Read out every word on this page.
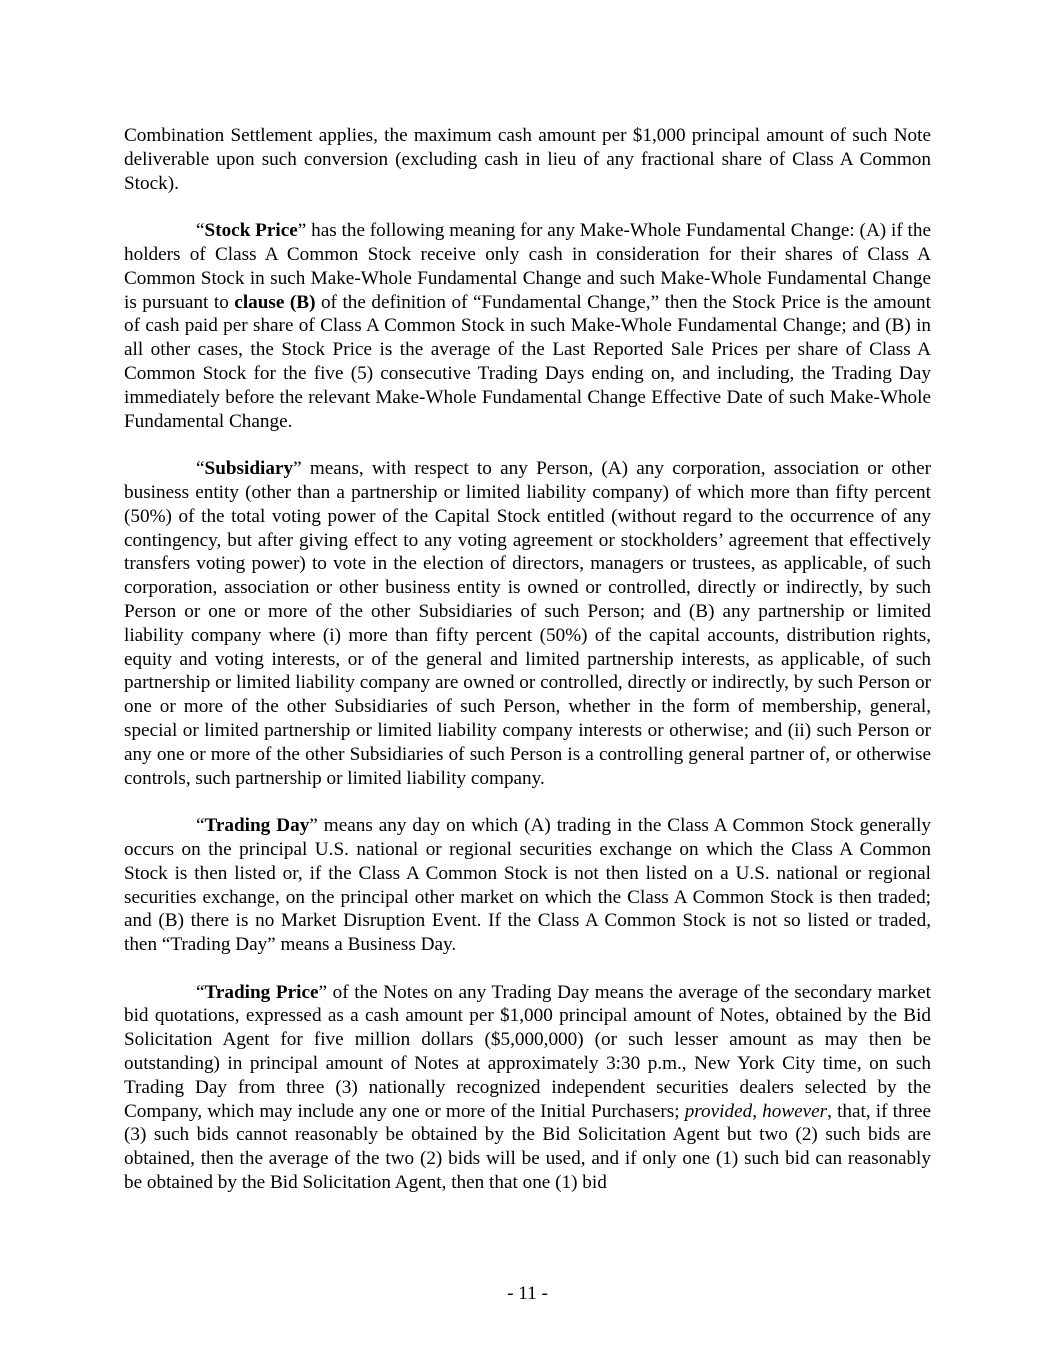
Combination Settlement applies, the maximum cash amount per $1,000 principal amount of such Note deliverable upon such conversion (excluding cash in lieu of any fractional share of Class A Common Stock).

“Stock Price” has the following meaning for any Make-Whole Fundamental Change: (A) if the holders of Class A Common Stock receive only cash in consideration for their shares of Class A Common Stock in such Make-Whole Fundamental Change and such Make-Whole Fundamental Change is pursuant to clause (B) of the definition of “Fundamental Change,” then the Stock Price is the amount of cash paid per share of Class A Common Stock in such Make-Whole Fundamental Change; and (B) in all other cases, the Stock Price is the average of the Last Reported Sale Prices per share of Class A Common Stock for the five (5) consecutive Trading Days ending on, and including, the Trading Day immediately before the relevant Make-Whole Fundamental Change Effective Date of such Make-Whole Fundamental Change.

“Subsidiary” means, with respect to any Person, (A) any corporation, association or other business entity (other than a partnership or limited liability company) of which more than fifty percent (50%) of the total voting power of the Capital Stock entitled (without regard to the occurrence of any contingency, but after giving effect to any voting agreement or stockholders’ agreement that effectively transfers voting power) to vote in the election of directors, managers or trustees, as applicable, of such corporation, association or other business entity is owned or controlled, directly or indirectly, by such Person or one or more of the other Subsidiaries of such Person; and (B) any partnership or limited liability company where (i) more than fifty percent (50%) of the capital accounts, distribution rights, equity and voting interests, or of the general and limited partnership interests, as applicable, of such partnership or limited liability company are owned or controlled, directly or indirectly, by such Person or one or more of the other Subsidiaries of such Person, whether in the form of membership, general, special or limited partnership or limited liability company interests or otherwise; and (ii) such Person or any one or more of the other Subsidiaries of such Person is a controlling general partner of, or otherwise controls, such partnership or limited liability company.

“Trading Day” means any day on which (A) trading in the Class A Common Stock generally occurs on the principal U.S. national or regional securities exchange on which the Class A Common Stock is then listed or, if the Class A Common Stock is not then listed on a U.S. national or regional securities exchange, on the principal other market on which the Class A Common Stock is then traded; and (B) there is no Market Disruption Event. If the Class A Common Stock is not so listed or traded, then “Trading Day” means a Business Day.

“Trading Price” of the Notes on any Trading Day means the average of the secondary market bid quotations, expressed as a cash amount per $1,000 principal amount of Notes, obtained by the Bid Solicitation Agent for five million dollars ($5,000,000) (or such lesser amount as may then be outstanding) in principal amount of Notes at approximately 3:30 p.m., New York City time, on such Trading Day from three (3) nationally recognized independent securities dealers selected by the Company, which may include any one or more of the Initial Purchasers; provided, however, that, if three (3) such bids cannot reasonably be obtained by the Bid Solicitation Agent but two (2) such bids are obtained, then the average of the two (2) bids will be used, and if only one (1) such bid can reasonably be obtained by the Bid Solicitation Agent, then that one (1) bid

- 11 -
